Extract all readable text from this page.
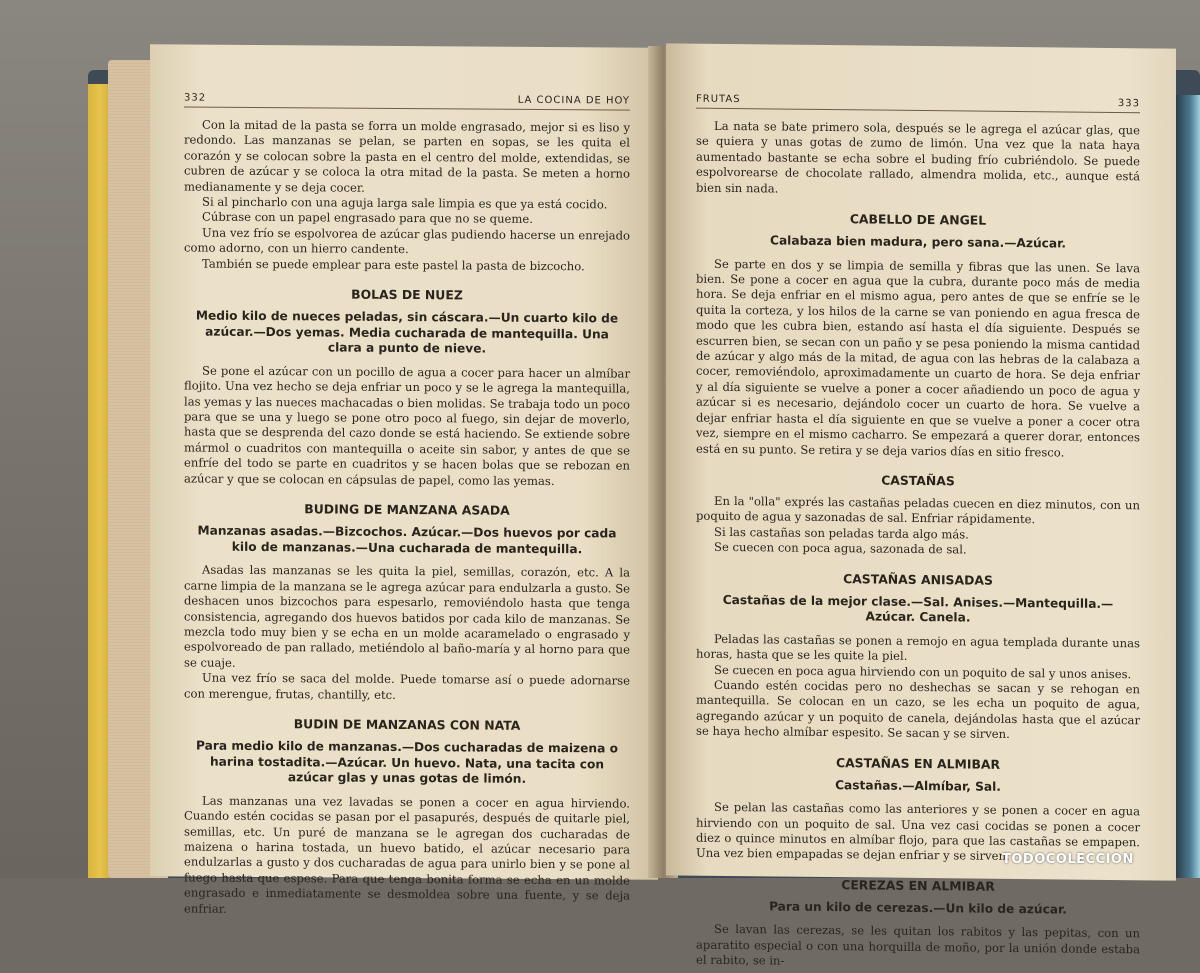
332	LA COCINA DE HOY

Con la mitad de la pasta se forra un molde engrasado, mejor si es liso y redondo. Las manzanas se pelan, se parten en sopas, se les quita el corazón y se colocan sobre la pasta en el centro del molde, extendidas, se cubren de azúcar y se coloca la otra mitad de la pasta. Se meten a horno medianamente y se deja cocer.

Si al pincharlo con una aguja larga sale limpia es que ya está cocido.

Cúbrase con un papel engrasado para que no se queme.

Una vez frío se espolvorea de azúcar glas pudiendo hacerse un enrejado como adorno, con un hierro candente.

También se puede emplear para este pastel la pasta de bizcocho.

BOLAS DE NUEZ
Medio kilo de nueces peladas, sin cáscara.—Un cuarto kilo de azúcar.—Dos yemas. Media cucharada de mantequilla. Una clara a punto de nieve.

Se pone el azúcar con un pocillo de agua a cocer para hacer un almíbar flojito. Una vez hecho se deja enfriar un poco y se le agrega la mantequilla, las yemas y las nueces machacadas o bien molidas. Se trabaja todo un poco para que se una y luego se pone otro poco al fuego, sin dejar de moverlo, hasta que se desprenda del cazo donde se está haciendo. Se extiende sobre mármol o cuadritos con mantequilla o aceite sin sabor, y antes de que se enfríe del todo se parte en cuadritos y se hacen bolas que se rebozan en azúcar y que se colocan en cápsulas de papel, como las yemas.

BUDING DE MANZANA ASADA
Manzanas asadas.—Bizcochos. Azúcar.—Dos huevos por cada kilo de manzanas.—Una cucharada de mantequilla.

Asadas las manzanas se les quita la piel, semillas, corazón, etc. A la carne limpia de la manzana se le agrega azúcar para endulzarla a gusto. Se deshacen unos bizcochos para espesarlo, removiéndolo hasta que tenga consistencia, agregando dos huevos batidos por cada kilo de manzanas. Se mezcla todo muy bien y se echa en un molde acaramelado o engrasado y espolvoreado de pan rallado, metiéndolo al baño-maría y al horno para que se cuaje.

Una vez frío se saca del molde. Puede tomarse así o puede adornarse con merengue, frutas, chantilly, etc.

BUDIN DE MANZANAS CON NATA
Para medio kilo de manzanas.—Dos cucharadas de maizena o harina tostadita.—Azúcar. Un huevo. Nata, una tacita con azúcar glas y unas gotas de limón.

Las manzanas una vez lavadas se ponen a cocer en agua hirviendo. Cuando estén cocidas se pasan por el pasapurés, después de quitarle piel, semillas, etc. Un puré de manzana se le agregan dos cucharadas de maizena o harina tostada, un huevo batido, el azúcar necesario para endulzarlas a gusto y dos cucharadas de agua para unirlo bien y se pone al fuego hasta que espese. Para que tenga bonita forma se echa en un molde engrasado e inmediatamente se desmoldea sobre una fuente, y se deja enfriar.

FRUTAS	333

La nata se bate primero sola, después se le agrega el azúcar glas, que se quiera y unas gotas de zumo de limón. Una vez que la nata haya aumentado bastante se echa sobre el buding frío cubriéndolo. Se puede espolvorearse de chocolate rallado, almendra molida, etc., aunque está bien sin nada.

CABELLO DE ANGEL
Calabaza bien madura, pero sana.—Azúcar.

Se parte en dos y se limpia de semilla y fibras que las unen. Se lava bien. Se pone a cocer en agua que la cubra, durante poco más de media hora. Se deja enfriar en el mismo agua, pero antes de que se enfríe se le quita la corteza, y los hilos de la carne se van poniendo en agua fresca de modo que les cubra bien, estando así hasta el día siguiente. Después se escurren bien, se secan con un paño y se pesa poniendo la misma cantidad de azúcar y algo más de la mitad, de agua con las hebras de la calabaza a cocer, removiéndolo, aproximadamente un cuarto de hora. Se deja enfriar y al día siguiente se vuelve a poner a cocer añadiendo un poco de agua y azúcar si es necesario, dejándolo cocer un cuarto de hora. Se vuelve a dejar enfriar hasta el día siguiente en que se vuelve a poner a cocer otra vez, siempre en el mismo cacharro. Se empezará a querer dorar, entonces está en su punto. Se retira y se deja varios días en sitio fresco.

CASTAÑAS

En la "olla" exprés las castañas peladas cuecen en diez minutos, con un poquito de agua y sazonadas de sal. Enfriar rápidamente.

Si las castañas son peladas tarda algo más.

Se cuecen con poca agua, sazonada de sal.

CASTAÑAS ANISADAS
Castañas de la mejor clase.—Sal. Anises.—Mantequilla.— Azúcar. Canela.

Peladas las castañas se ponen a remojo en agua templada durante unas horas, hasta que se les quite la piel.

Se cuecen en poca agua hirviendo con un poquito de sal y unos anises.

Cuando estén cocidas pero no deshechas se sacan y se rehogan en mantequilla. Se colocan en un cazo, se les echa un poquito de agua, agregando azúcar y un poquito de canela, dejándolas hasta que el azúcar se haya hecho almíbar espesito. Se sacan y se sirven.

CASTAÑAS EN ALMIBAR
Castañas.—Almíbar, Sal.

Se pelan las castañas como las anteriores y se ponen a cocer en agua hirviendo con un poquito de sal. Una vez casi cocidas se ponen a cocer diez o quince minutos en almíbar flojo, para que las castañas se empapen. Una vez bien empapadas se dejan enfriar y se sirven.

CEREZAS EN ALMIBAR
Para un kilo de cerezas.—Un kilo de azúcar.

Se lavan las cerezas, se les quitan los rabitos y las pepitas, con un aparatito especial o con una horquilla de moño, por la unión donde estaba el rabito, se in-

TODOCOLECCION
